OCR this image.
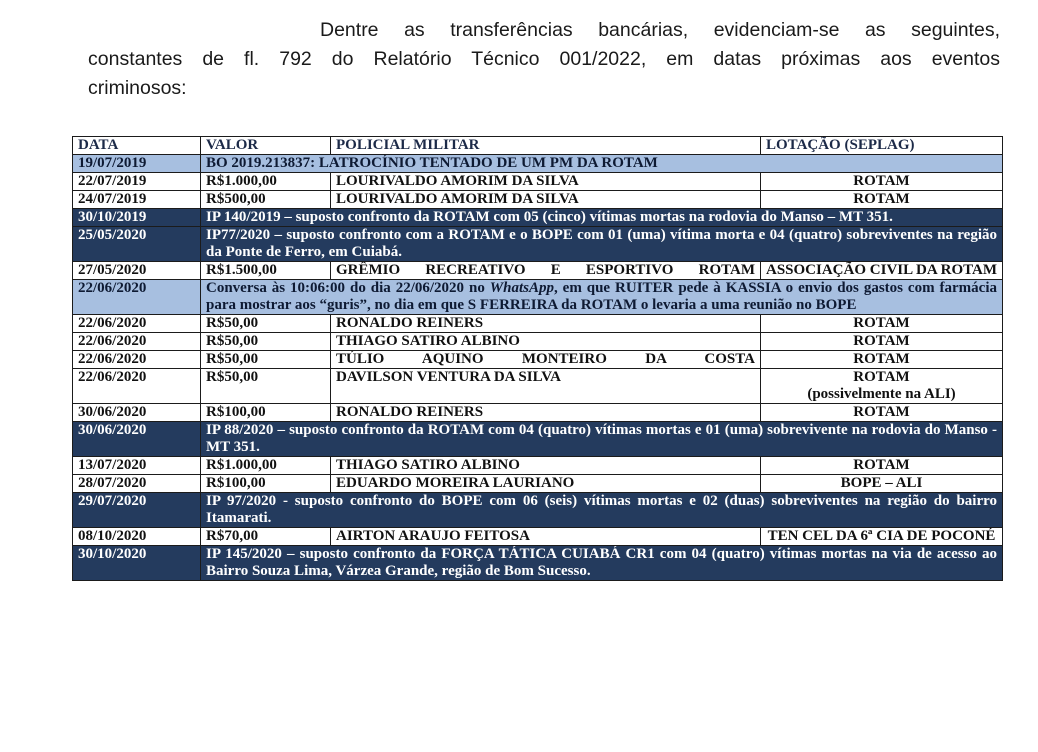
Dentre as transferências bancárias, evidenciam-se as seguintes,
constantes de fl. 792 do Relatório Técnico 001/2022, em datas próximas aos eventos
criminosos:
DATA	VALOR	POLICIAL MILITAR	LOTAÇÃO (SEPLAG)
19/07/2019	BO 2019.213837: LATROCÍNIO TENTADO DE UM PM DA ROTAM		
22/07/2019	R$1.000,00	LOURIVALDO AMORIM DA SILVA	ROTAM
24/07/2019	R$500,00	LOURIVALDO AMORIM DA SILVA	ROTAM
30/10/2019	IP 140/2019 – suposto confronto da ROTAM com 05 (cinco) vítimas mortas na rodovia do Manso – MT 351.		
25/05/2020	IP77/2020 – suposto confronto com a ROTAM e o BOPE com 01 (uma) vítima morta e 04 (quatro) sobreviventes na região da Ponte de Ferro, em Cuiabá.		
27/05/2020	R$1.500,00	GRÊMIO RECREATIVO E ESPORTIVO ROTAM	ASSOCIAÇÃO CIVIL DA ROTAM
22/06/2020	Conversa às 10:06:00 do dia 22/06/2020 no WhatsApp, em que RUITER pede à KASSIA o envio dos gastos com farmácia para mostrar aos “guris”, no dia em que S FERREIRA da ROTAM o levaria a uma reunião no BOPE		
22/06/2020	R$50,00	RONALDO REINERS	ROTAM
22/06/2020	R$50,00	THIAGO SATIRO ALBINO	ROTAM
22/06/2020	R$50,00	TÚLIO AQUINO MONTEIRO DA COSTA	ROTAM
22/06/2020	R$50,00	DAVILSON VENTURA DA SILVA	ROTAM
(possivelmente na ALI)

30/06/2020	R$100,00	RONALDO REINERS	ROTAM
30/06/2020	IP 88/2020 – suposto confronto da ROTAM com 04 (quatro) vítimas mortas e 01 (uma) sobrevivente na rodovia do Manso -MT 351.		
13/07/2020	R$1.000,00	THIAGO SATIRO ALBINO	ROTAM
28/07/2020	R$100,00	EDUARDO MOREIRA LAURIANO	BOPE – ALI
29/07/2020	IP 97/2020 - suposto confronto do BOPE com 06 (seis) vítimas mortas e 02 (duas) sobreviventes na região do bairro Itamarati.		
08/10/2020	R$70,00	AIRTON ARAUJO FEITOSA	TEN CEL DA 6ª CIA DE POCONÉ
30/10/2020	IP 145/2020 – suposto confronto da FORÇA TÁTICA CUIABÁ CR1 com 04 (quatro) vítimas mortas na via de acesso ao Bairro Souza Lima, Várzea Grande, região de Bom Sucesso.		
